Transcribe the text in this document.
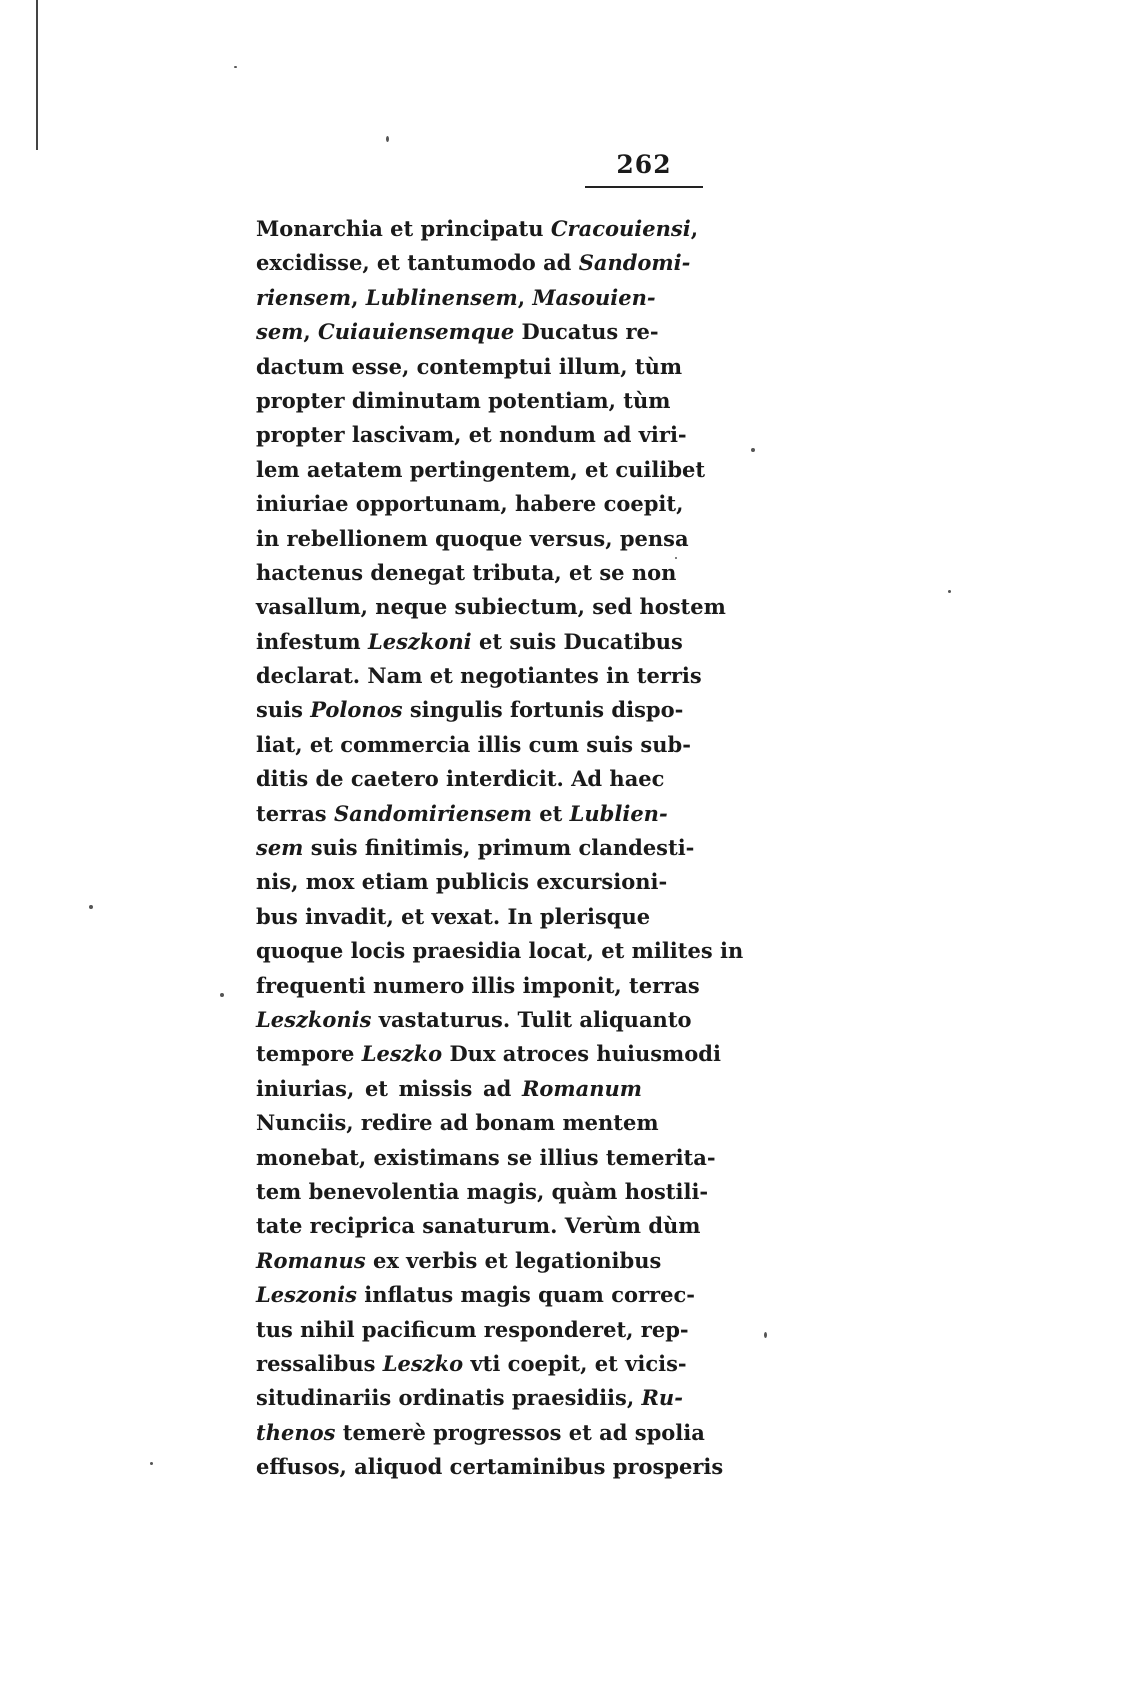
262
Monarchia et principatu Cracouiensi,
excidisse, et tantumodo ad Sandomi-
riensem, Lublinensem, Masouien-
sem, Cuiauiensemque Ducatus re-
dactum esse, contemptui illum, tùm
propter diminutam potentiam, tùm
propter lascivam, et nondum ad viri-
lem aetatem pertingentem, et cuilibet
iniuriae opportunam, habere coepit,
in rebellionem quoque versus, pensa
hactenus denegat tributa, et se non
vasallum, neque subiectum, sed hostem
infestum Leszkoni et suis Ducatibus
declarat. Nam et negotiantes in terris
suis Polonos singulis fortunis dispo-
liat, et commercia illis cum suis sub-
ditis de caetero interdicit. Ad haec
terras Sandomiriensem et Lublien-
sem suis finitimis, primum clandesti-
nis, mox etiam publicis excursioni-
bus invadit, et vexat. In plerisque
quoque locis praesidia locat, et milites in
frequenti numero illis imponit, terras
Leszkonis vastaturus. Tulit aliquanto
tempore Leszko Dux atroces huiusmodi
iniurias, et missis ad Romanum
Nunciis, redire ad bonam mentem
monebat, existimans se illius temerita-
tem benevolentia magis, quàm hostili-
tate reciprica sanaturum. Verùm dùm
Romanus ex verbis et legationibus
Leszonis inflatus magis quam correc-
tus nihil pacificum responderet, rep-
ressalibus Leszko vti coepit, et vicis-
situdinariis ordinatis praesidiis, Ru-
thenos temerè progressos et ad spolia
effusos, aliquod certaminibus prosperis
